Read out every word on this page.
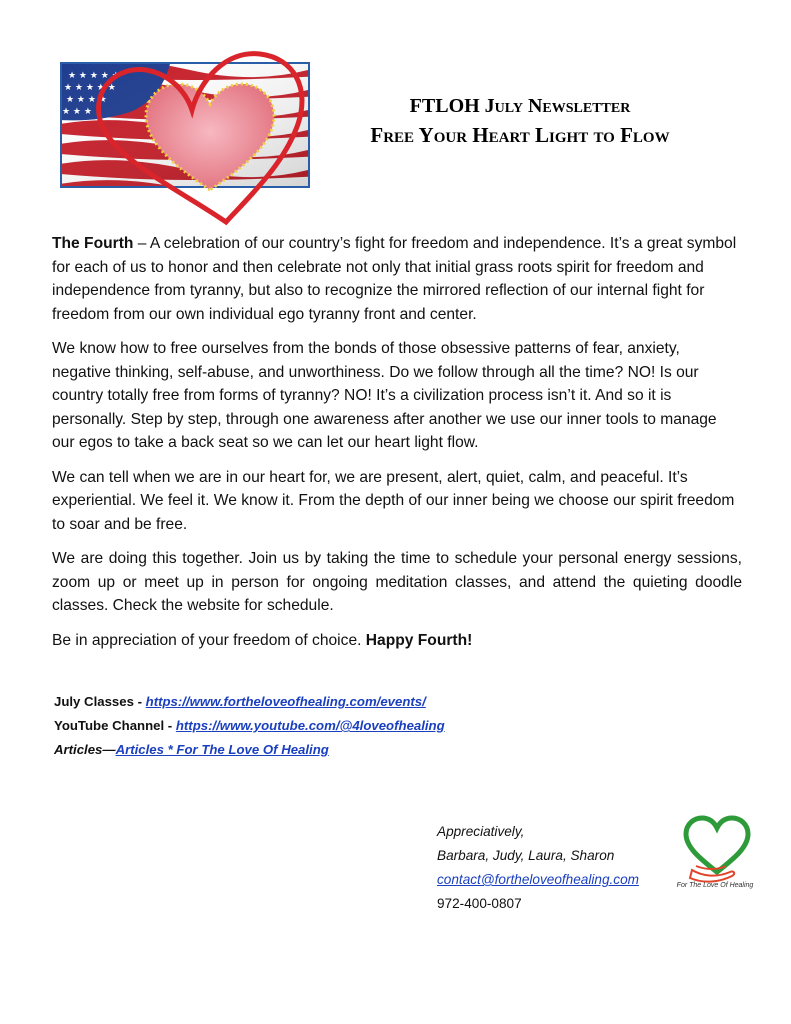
FTLOH July Newsletter
Free Your Heart Light to Flow

The Fourth – A celebration of our country’s fight for freedom and independence. It’s a great symbol for each of us to honor and then celebrate not only that initial grass roots spirit for freedom and independence from tyranny, but also to recognize the mirrored reflection of our internal fight for freedom from our own individual ego tyranny front and center.

We know how to free ourselves from the bonds of those obsessive patterns of fear, anxiety, negative thinking, self-abuse, and unworthiness. Do we follow through all the time? NO! Is our country totally free from forms of tyranny? NO! It’s a civilization process isn’t it. And so it is personally. Step by step, through one awareness after another we use our inner tools to manage our egos to take a back seat so we can let our heart light flow.

We can tell when we are in our heart for, we are present, alert, quiet, calm, and peaceful. It’s experiential. We feel it. We know it. From the depth of our inner being we choose our spirit freedom to soar and be free.

We are doing this together. Join us by taking the time to schedule your personal energy sessions, zoom up or meet up in person for ongoing meditation classes, and attend the quieting doodle classes. Check the website for schedule.

Be in appreciation of your freedom of choice. Happy Fourth!

July Classes - https://www.fortheloveofhealing.com/events/
YouTube Channel - https://www.youtube.com/@4loveofhealing
Articles—Articles * For The Love Of Healing
Appreciatively,
Barbara, Judy, Laura, Sharon
contact@fortheloveofhealing.com
972-400-0807
For The Love Of Healing
